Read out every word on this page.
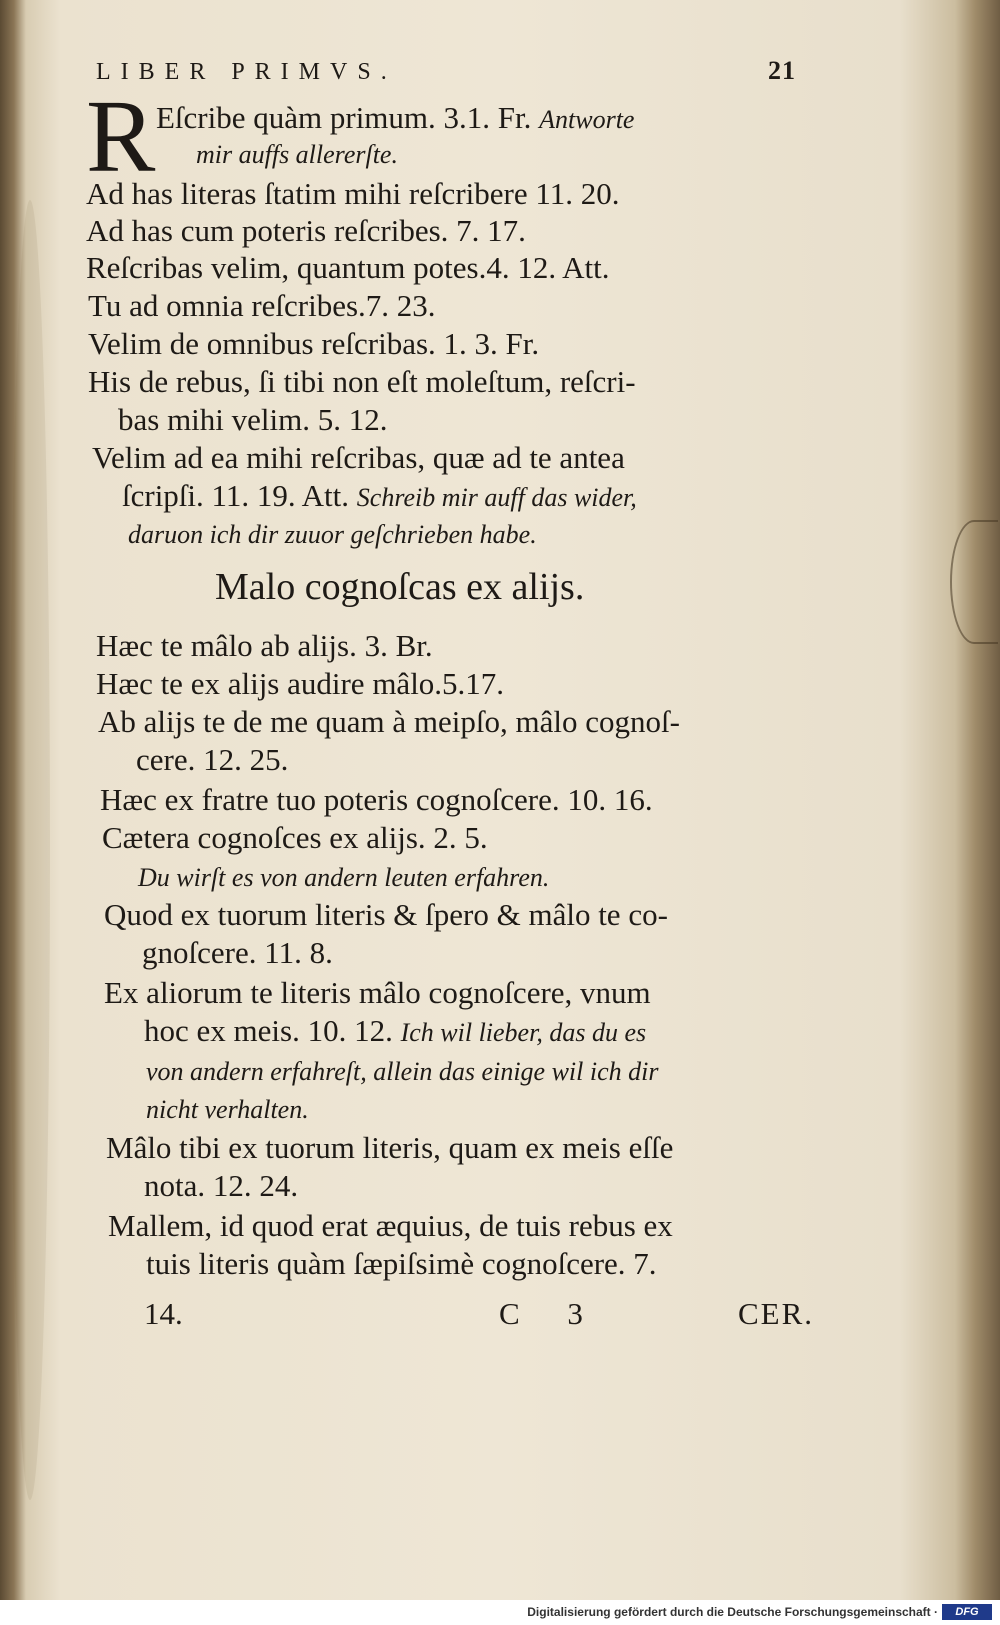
LIBER PRIMVS.	21
R Eſcribe quàm primum. 3.1. Fr. Antworte
mir auffs allererſte.
Ad has literas ſtatim mihi reſcribere 11. 20.
Ad has cum poteris reſcribes. 7. 17.
Reſcribas velim, quantum potes.4. 12. Att.
Tu ad omnia reſcribes.7. 23.
Velim de omnibus reſcribas. 1. 3. Fr.
His de rebus, ſi tibi non eſt moleſtum, reſcri-
bas mihi velim. 5. 12.
Velim ad ea mihi reſcribas, quæ ad te antea
ſcripſi. 11. 19. Att. Schreib mir auff das wider,
daruon ich dir zuuor geſchrieben habe.
Malo cognoſcas ex alijs.
Hæc te mâlo ab alijs. 3. Br.
Hæc te ex alijs audire mâlo.5.17.
Ab alijs te de me quam à meipſo, mâlo cognoſ-
cere. 12. 25.
Hæc ex fratre tuo poteris cognoſcere. 10. 16.
Cætera cognoſces ex alijs. 2. 5.
Du wirſt es von andern leuten erfahren.
Quod ex tuorum literis & ſpero & mâlo te co-
gnoſcere. 11. 8.
Ex aliorum te literis mâlo cognoſcere, vnum
hoc ex meis. 10. 12. Ich wil lieber, das du es
von andern erfahreſt, allein das einige wil ich dir
nicht verhalten.
Mâlo tibi ex tuorum literis, quam ex meis eſſe
nota. 12. 24.
Mallem, id quod erat æquius, de tuis rebus ex
tuis literis quàm ſæpiſsimè cognoſcere. 7.
14.	C 3	CER.
Digitalisierung gefördert durch die Deutsche Forschungsgemeinschaft ·	DFG
